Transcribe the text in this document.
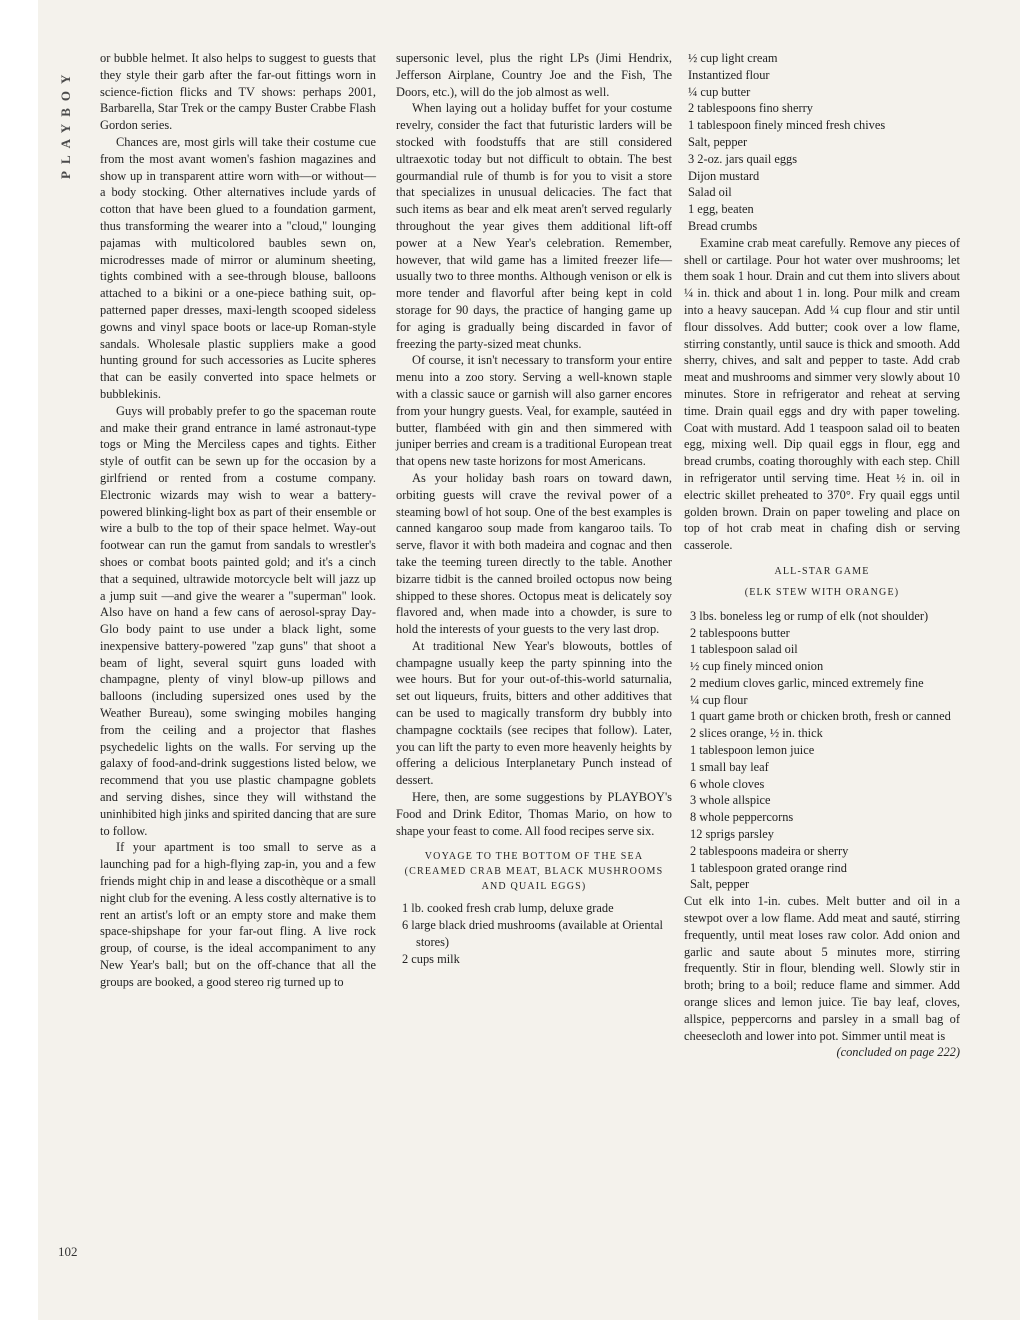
PLAYBOY
102

or bubble helmet. It also helps to suggest to guests that they style their garb after the far-out fittings worn in science-fiction flicks and TV shows: perhaps 2001, Barbarella, Star Trek or the campy Buster Crabbe Flash Gordon series.

Chances are, most girls will take their costume cue from the most avant women's fashion magazines and show up in transparent attire worn with—or without—a body stocking. Other alternatives include yards of cotton that have been glued to a foundation garment, thus transforming the wearer into a "cloud," lounging pajamas with multicolored baubles sewn on, microdresses made of mirror or aluminum sheeting, tights combined with a see-through blouse, balloons attached to a bikini or a one-piece bathing suit, op-patterned paper dresses, maxi-length scooped sideless gowns and vinyl space boots or lace-up Roman-style sandals. Wholesale plastic suppliers make a good hunting ground for such accessories as Lucite spheres that can be easily converted into space helmets or bubblekinis.

Guys will probably prefer to go the spaceman route and make their grand entrance in lamé astronaut-type togs or Ming the Merciless capes and tights. Either style of outfit can be sewn up for the occasion by a girlfriend or rented from a costume company. Electronic wizards may wish to wear a battery-powered blinking-light box as part of their ensemble or wire a bulb to the top of their space helmet. Way-out footwear can run the gamut from sandals to wrestler's shoes or combat boots painted gold; and it's a cinch that a sequined, ultrawide motorcycle belt will jazz up a jump suit —and give the wearer a "superman" look. Also have on hand a few cans of aerosol-spray Day-Glo body paint to use under a black light, some inexpensive battery-powered "zap guns" that shoot a beam of light, several squirt guns loaded with champagne, plenty of vinyl blow-up pillows and balloons (including supersized ones used by the Weather Bureau), some swinging mobiles hanging from the ceiling and a projector that flashes psychedelic lights on the walls. For serving up the galaxy of food-and-drink suggestions listed below, we recommend that you use plastic champagne goblets and serving dishes, since they will withstand the uninhibited high jinks and spirited dancing that are sure to follow.

If your apartment is too small to serve as a launching pad for a high-flying zap-in, you and a few friends might chip in and lease a discothèque or a small night club for the evening. A less costly alternative is to rent an artist's loft or an empty store and make them space-shipshape for your far-out fling. A live rock group, of course, is the ideal accompaniment to any New Year's ball; but on the off-chance that all the groups are booked, a good stereo rig turned up to

supersonic level, plus the right LPs (Jimi Hendrix, Jefferson Airplane, Country Joe and the Fish, The Doors, etc.), will do the job almost as well.

When laying out a holiday buffet for your costume revelry, consider the fact that futuristic larders will be stocked with foodstuffs that are still considered ultraexotic today but not difficult to obtain. The best gourmandial rule of thumb is for you to visit a store that specializes in unusual delicacies. The fact that such items as bear and elk meat aren't served regularly throughout the year gives them additional lift-off power at a New Year's celebration. Remember, however, that wild game has a limited freezer life—usually two to three months. Although venison or elk is more tender and flavorful after being kept in cold storage for 90 days, the practice of hanging game up for aging is gradually being discarded in favor of freezing the party-sized meat chunks.

Of course, it isn't necessary to transform your entire menu into a zoo story. Serving a well-known staple with a classic sauce or garnish will also garner encores from your hungry guests. Veal, for example, sautéed in butter, flambéed with gin and then simmered with juniper berries and cream is a traditional European treat that opens new taste horizons for most Americans.

As your holiday bash roars on toward dawn, orbiting guests will crave the revival power of a steaming bowl of hot soup. One of the best examples is canned kangaroo soup made from kangaroo tails. To serve, flavor it with both madeira and cognac and then take the teeming tureen directly to the table. Another bizarre tidbit is the canned broiled octopus now being shipped to these shores. Octopus meat is delicately soy flavored and, when made into a chowder, is sure to hold the interests of your guests to the very last drop.

At traditional New Year's blowouts, bottles of champagne usually keep the party spinning into the wee hours. But for your out-of-this-world saturnalia, set out liqueurs, fruits, bitters and other additives that can be used to magically transform dry bubbly into champagne cocktails (see recipes that follow). Later, you can lift the party to even more heavenly heights by offering a delicious Interplanetary Punch instead of dessert.

Here, then, are some suggestions by PLAYBOY's Food and Drink Editor, Thomas Mario, on how to shape your feast to come. All food recipes serve six.

VOYAGE TO THE BOTTOM OF THE SEA (CREAMED CRAB MEAT, BLACK MUSHROOMS AND QUAIL EGGS)
1 lb. cooked fresh crab lump, deluxe grade
6 large black dried mushrooms (available at Oriental stores)
2 cups milk
½ cup light cream
Instantized flour
¼ cup butter
2 tablespoons fino sherry
1 tablespoon finely minced fresh chives
Salt, pepper
3 2-oz. jars quail eggs
Dijon mustard
Salad oil
1 egg, beaten
Bread crumbs

Examine crab meat carefully. Remove any pieces of shell or cartilage. Pour hot water over mushrooms; let them soak 1 hour. Drain and cut them into slivers about ¼ in. thick and about 1 in. long. Pour milk and cream into a heavy saucepan. Add ¼ cup flour and stir until flour dissolves. Add butter; cook over a low flame, stirring constantly, until sauce is thick and smooth. Add sherry, chives, and salt and pepper to taste. Add crab meat and mushrooms and simmer very slowly about 10 minutes. Store in refrigerator and reheat at serving time. Drain quail eggs and dry with paper toweling. Coat with mustard. Add 1 teaspoon salad oil to beaten egg, mixing well. Dip quail eggs in flour, egg and bread crumbs, coating thoroughly with each step. Chill in refrigerator until serving time. Heat ½ in. oil in electric skillet preheated to 370°. Fry quail eggs until golden brown. Drain on paper toweling and place on top of hot crab meat in chafing dish or serving casserole.

ALL-STAR GAME
(ELK STEW WITH ORANGE)
3 lbs. boneless leg or rump of elk (not shoulder)
2 tablespoons butter
1 tablespoon salad oil
½ cup finely minced onion
2 medium cloves garlic, minced extremely fine
¼ cup flour
1 quart game broth or chicken broth, fresh or canned
2 slices orange, ½ in. thick
1 tablespoon lemon juice
1 small bay leaf
6 whole cloves
3 whole allspice
8 whole peppercorns
12 sprigs parsley
2 tablespoons madeira or sherry
1 tablespoon grated orange rind
Salt, pepper

Cut elk into 1-in. cubes. Melt butter and oil in a stewpot over a low flame. Add meat and sauté, stirring frequently, until meat loses raw color. Add onion and garlic and saute about 5 minutes more, stirring frequently. Stir in flour, blending well. Slowly stir in broth; bring to a boil; reduce flame and simmer. Add orange slices and lemon juice. Tie bay leaf, cloves, allspice, peppercorns and parsley in a small bag of cheesecloth and lower into pot. Simmer until meat is

(concluded on page 222)
